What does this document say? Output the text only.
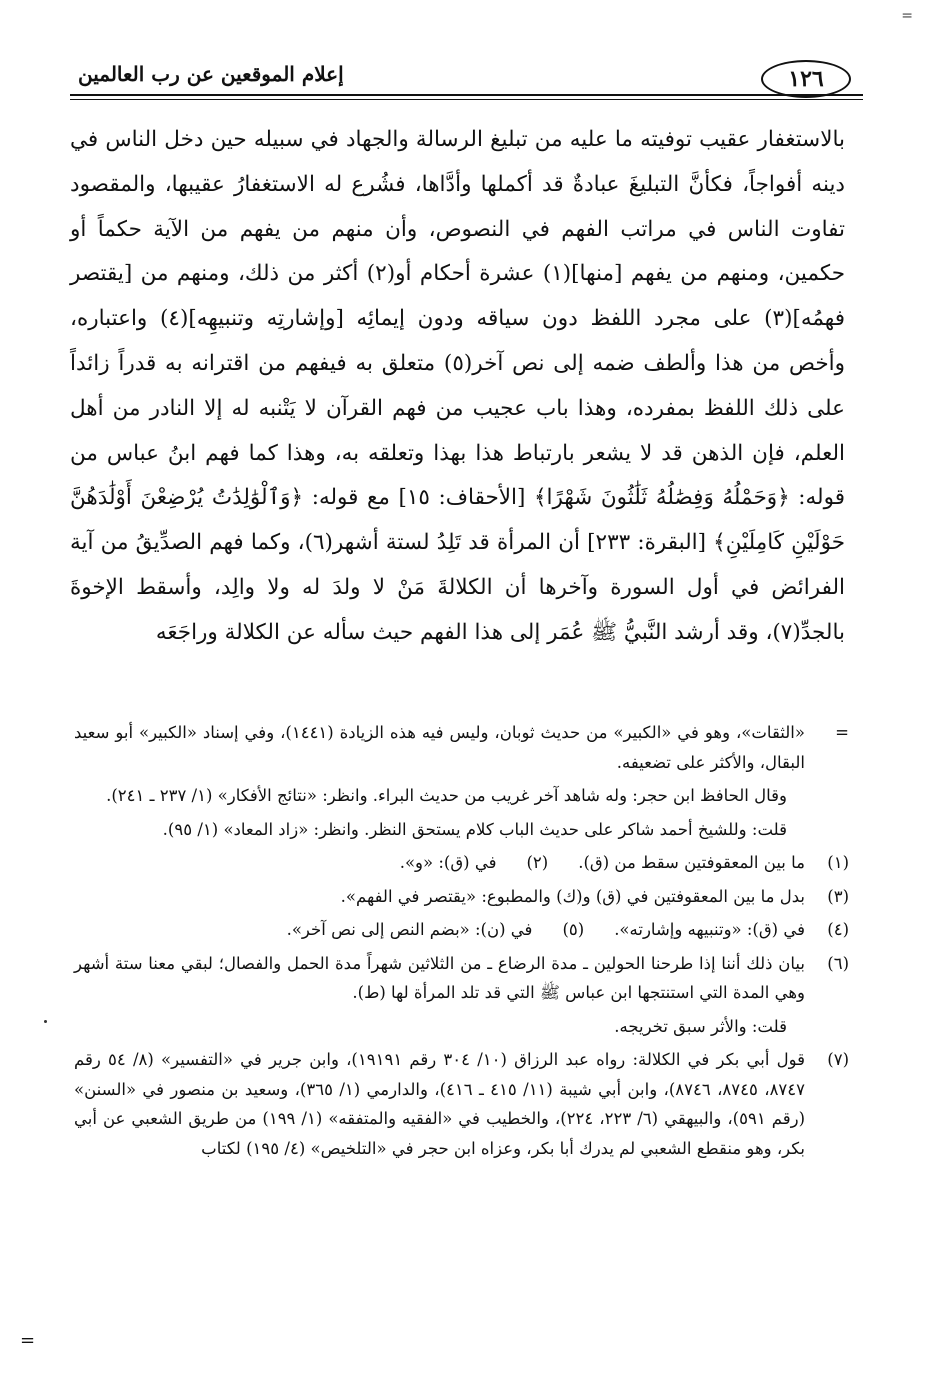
=
١٢٦
إعلام الموقعين عن رب العالمين

بالاستغفار عقيب توفيته ما عليه من تبليغ الرسالة والجهاد في سبيله حين دخل الناس في دينه أفواجاً، فكأنَّ التبليغَ عبادةٌ قد أكملها وأدَّاها، فشُرع له الاستغفارُ عقيبها، والمقصود تفاوت الناس في مراتب الفهم في النصوص، وأن منهم من يفهم من الآية حكماً أو حكمين، ومنهم من يفهم [منها](١) عشرة أحكام أو(٢) أكثر من ذلك، ومنهم من [يقتصر فهمُه](٣) على مجرد اللفظ دون سياقه ودون إيمائِه [وإشارتِه وتنبيهِه](٤) واعتباره، وأخص من هذا وألطف ضمه إلى نص آخر(٥) متعلق به فيفهم من اقترانه به قدراً زائداً على ذلك اللفظ بمفرده، وهذا باب عجيب من فهم القرآن لا يَتْنبه له إلا النادر من أهل العلم، فإن الذهن قد لا يشعر بارتباط هذا بهذا وتعلقه به، وهذا كما فهم ابنُ عباس من قوله: ﴿وَحَمْلُهُ وَفِصَٰلُهُ ثَلَٰثُونَ شَهْرًا﴾ [الأحقاف: ١٥] مع قوله: ﴿وَٱلْوَٰلِدَٰتُ يُرْضِعْنَ أَوْلَٰدَهُنَّ حَوْلَيْنِ كَامِلَيْنِ﴾ [البقرة: ٢٣٣] أن المرأة قد تَلِدُ لستة أشهر(٦)، وكما فهم الصدِّيقُ من آية الفرائض في أول السورة وآخرها أن الكلالةَ مَنْ لا ولدَ له ولا والِد، وأسقط الإخوةَ بالجدِّ(٧)، وقد أرشد النَّبيُّ ﷺ عُمَر إلى هذا الفهم حيث سأله عن الكلالة وراجَعَه

=
«الثقات»، وهو في «الكبير» من حديث ثوبان، وليس فيه هذه الزيادة (١٤٤١)، وفي إسناد «الكبير» أبو سعيد البقال، والأكثر على تضعيفه.
وقال الحافظ ابن حجر: وله شاهد آخر غريب من حديث البراء. وانظر: «نتائج الأفكار» (١/ ٢٣٧ ـ ٢٤١).
قلت: وللشيخ أحمد شاكر على حديث الباب كلام يستحق النظر. وانظر: «زاد المعاد» (١/ ٩٥).
(١)
ما بين المعقوفتين سقط من (ق).
(٢)
في (ق): «و».
(٣)
بدل ما بين المعقوفتين في (ق) و(ك) والمطبوع: «يقتصر في الفهم».
(٤)
في (ق): «وتنبيهه وإشارته».
(٥)
في (ن): «بضم النص إلى نص آخر».
(٦)
بيان ذلك أننا إذا طرحنا الحولين ـ مدة الرضاع ـ من الثلاثين شهراً مدة الحمل والفصال؛ لبقي معنا ستة أشهر وهي المدة التي استنتجها ابن عباس ﷺ التي قد تلد المرأة لها (ط).
قلت: والأثر سبق تخريجه.
(٧)
قول أبي بكر في الكلالة: رواه عبد الرزاق (١٠/ ٣٠٤ رقم ١٩١٩١)، وابن جرير في «التفسير» (٨/ ٥٤ رقم ٨٧٤٧، ٨٧٤٥، ٨٧٤٦)، وابن أبي شيبة (١١/ ٤١٥ ـ ٤١٦)، والدارمي (١/ ٣٦٥)، وسعيد بن منصور في «السنن» (رقم ٥٩١)، والبيهقي (٦/ ٢٢٣، ٢٢٤)، والخطيب في «الفقيه والمتفقه» (١/ ١٩٩) من طريق الشعبي عن أبي بكر، وهو منقطع الشعبي لم يدرك أبا بكر، وعزاه ابن حجر في «التلخيص» (٤/ ١٩٥) لكتاب
=
